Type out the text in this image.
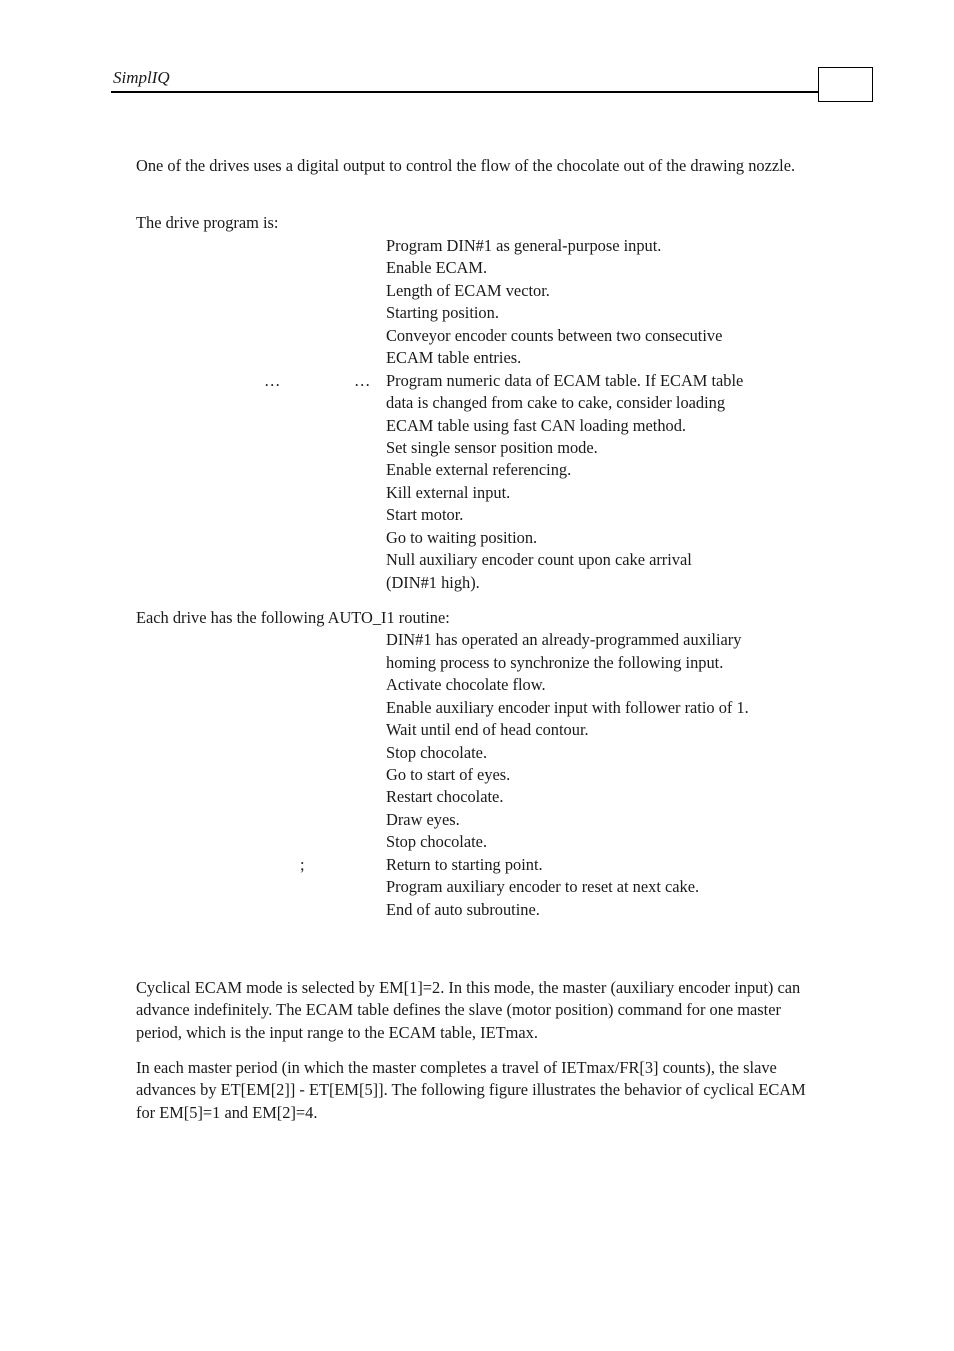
SimplIQ

One of the drives uses a digital output to control the flow of the chocolate out of the drawing nozzle.

The drive program is:

Program DIN#1 as general-purpose input.
Enable ECAM.
Length of ECAM vector.
Starting position.
Conveyor encoder counts between two consecutive
ECAM table entries.
…	… Program numeric data of ECAM table. If ECAM table
data is changed from cake to cake, consider loading
ECAM table using fast CAN loading method.
Set single sensor position mode.
Enable external referencing.
Kill external input.
Start motor.
Go to waiting position.
Null auxiliary encoder count upon cake arrival
(DIN#1 high).

Each drive has the following AUTO_I1 routine:

DIN#1 has operated an already-programmed auxiliary
homing process to synchronize the following input.
Activate chocolate flow.
Enable auxiliary encoder input with follower ratio of 1.
Wait until end of head contour.
Stop chocolate.
Go to start of eyes.
Restart chocolate.
Draw eyes.
Stop chocolate.
;	Return to starting point.
Program auxiliary encoder to reset at next cake.
End of auto subroutine.

Cyclical ECAM mode is selected by EM[1]=2. In this mode, the master (auxiliary encoder input) can advance indefinitely. The ECAM table defines the slave (motor position) command for one master period, which is the input range to the ECAM table, IETmax.

In each master period (in which the master completes a travel of IETmax/FR[3] counts), the slave advances by ET[EM[2]] - ET[EM[5]]. The following figure illustrates the behavior of cyclical ECAM for EM[5]=1 and EM[2]=4.
